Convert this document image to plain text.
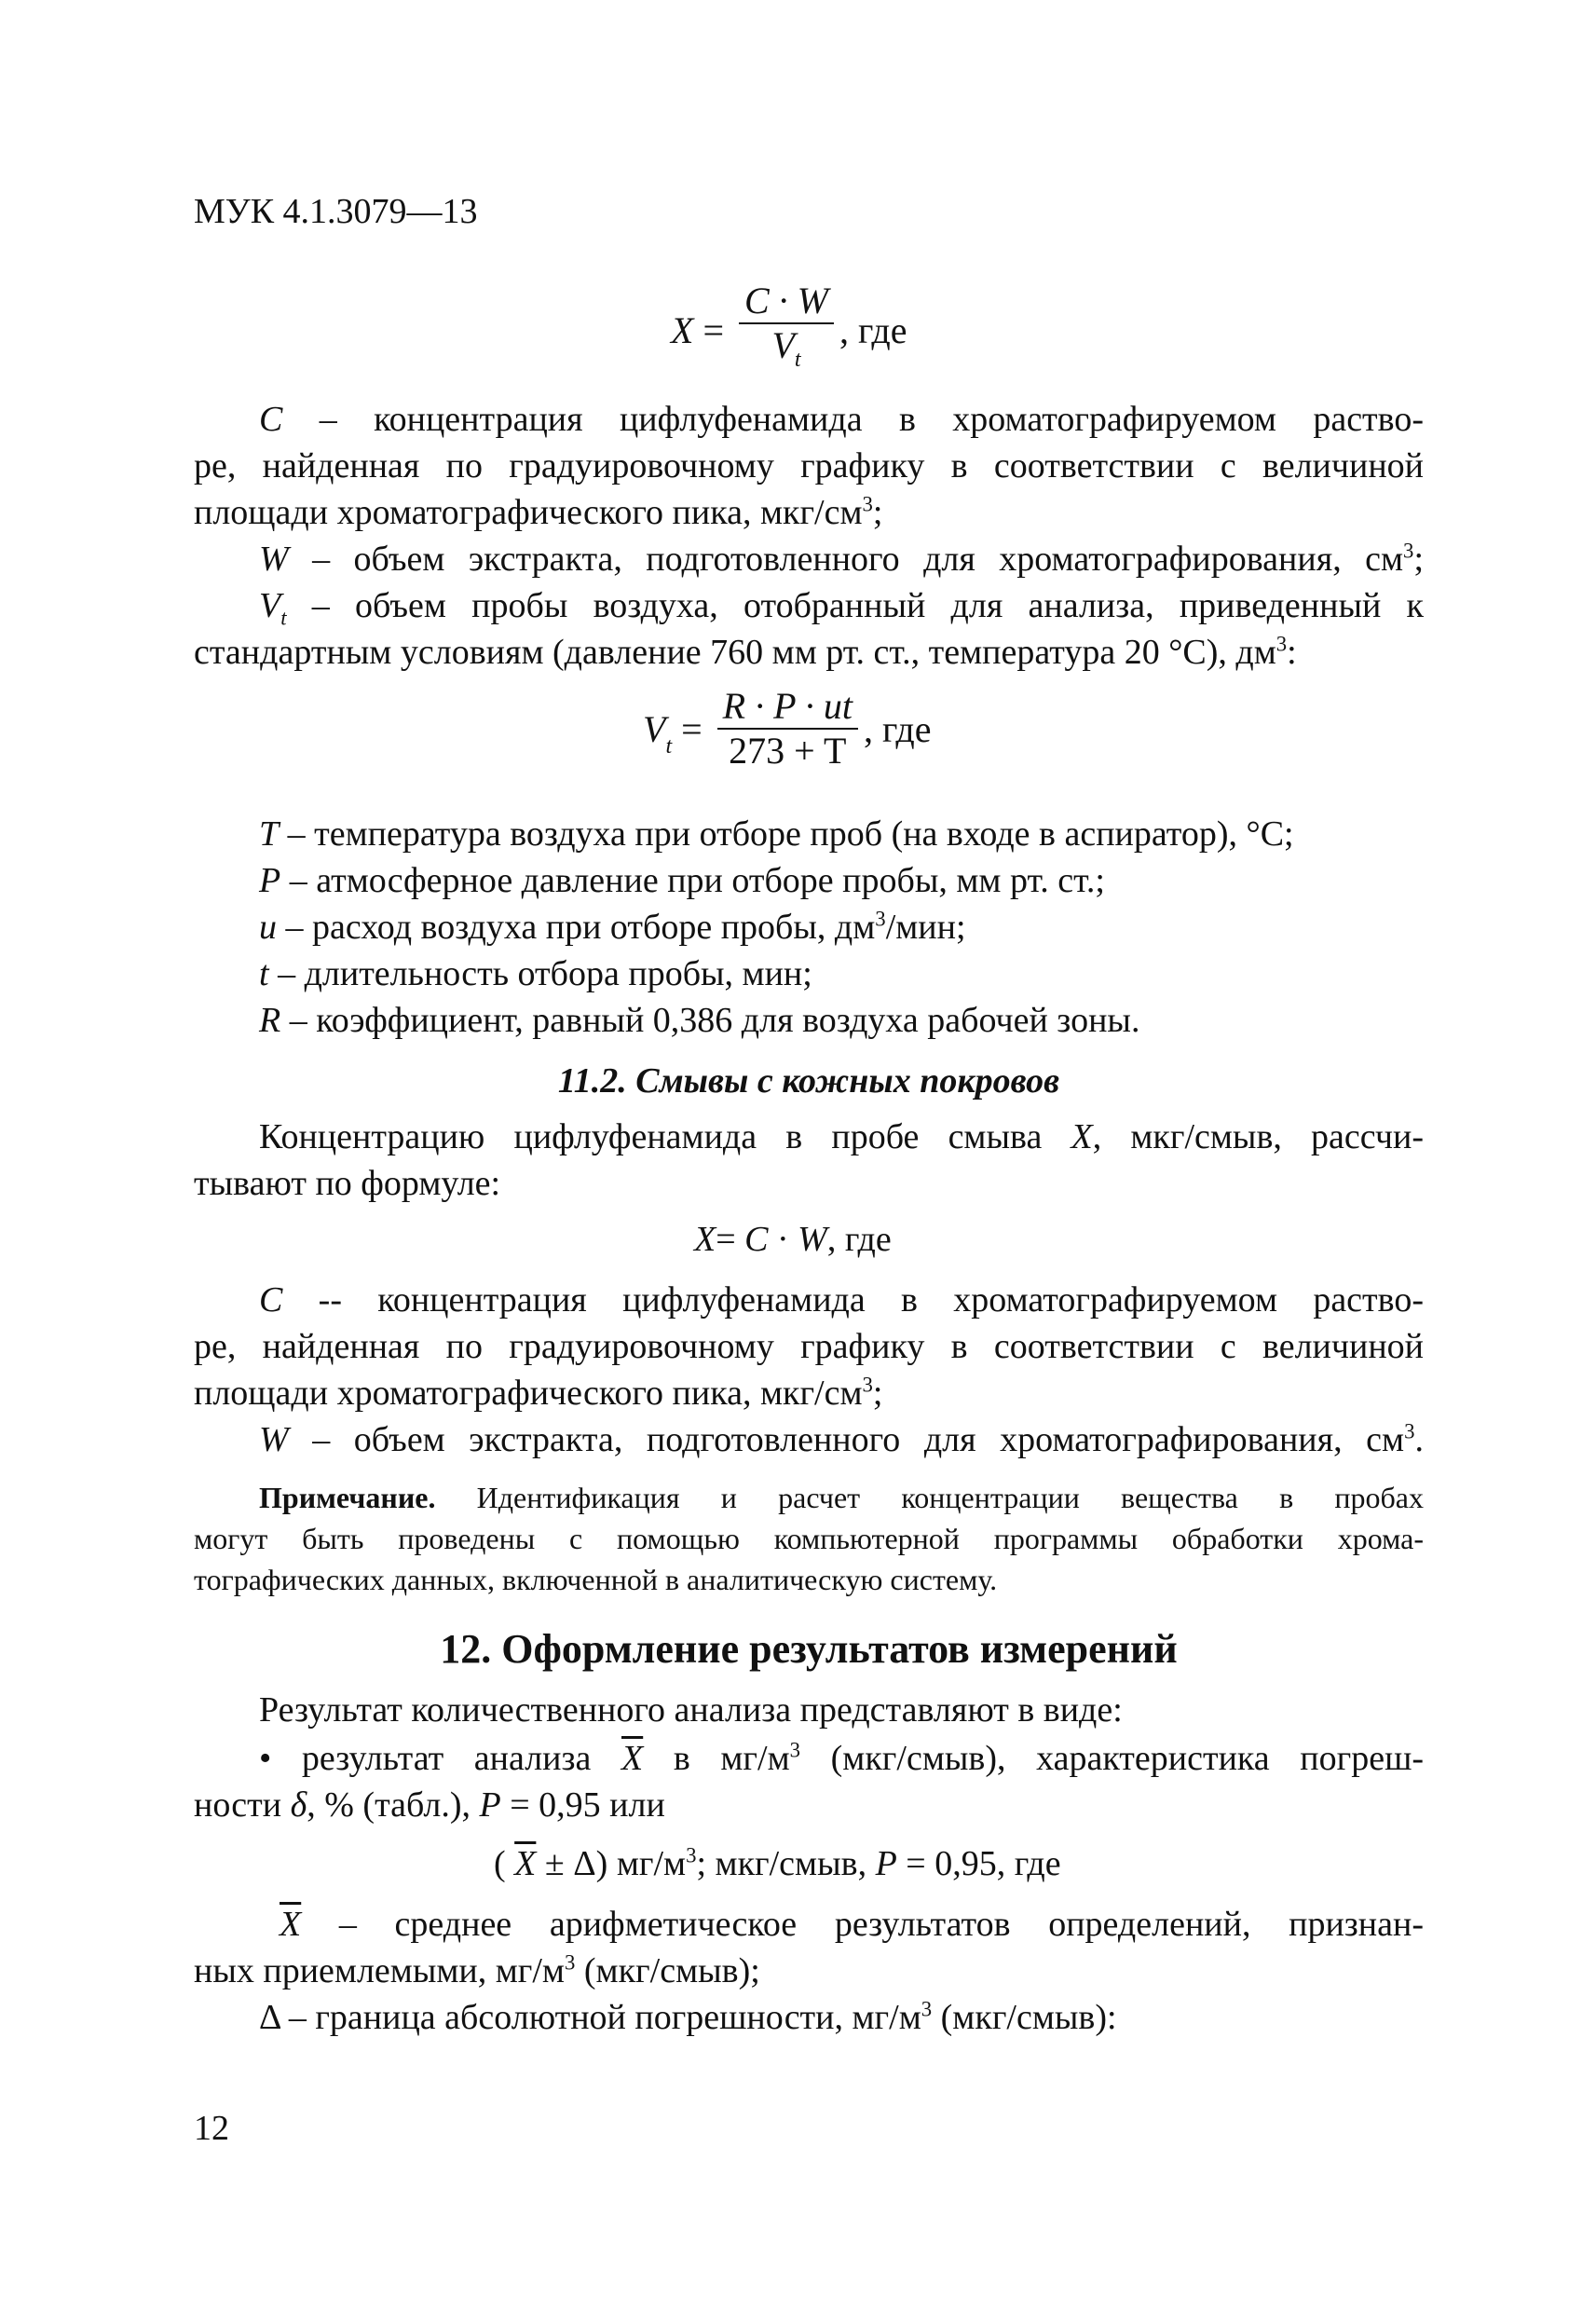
МУК 4.1.3079—13
$X = \frac{C \cdot W}{V_t}$ , где
C – концентрация цифлуфенамида в хроматографируемом раство-
ре, найденная по градуировочному графику в соответствии с величиной
площади хроматографического пика, мкг/$см^3$;
W – объем экстракта, подготовленного для хроматографирования, $см^3$;
$V_t$ – объем пробы воздуха, отобранный для анализа, приведенный к
стандартным условиям (давление 760 мм рт. ст., температура 20 °С), $дм^3$:
V $_t = \frac{R \cdot P \cdot ut}{273 + T}$ , где
T – температура воздуха при отборе проб (на входе в аспиратор), °С;
P – атмосферное давление при отборе пробы, мм рт. ст.;
u – расход воздуха при отборе пробы, $дм^3$/мин;
t – длительность отбора пробы, мин;
R – коэффициент, равный 0,386 для воздуха рабочей зоны.
11.2. Смывы с кожных покровов
Концентрацию цифлуфенамида в пробе смыва X, мкг/смыв, рассчи-
тывают по формуле:
X= C · W, где
C -- концентрация цифлуфенамида в хроматографируемом раство-
ре, найденная по градуировочному графику в соответствии с величиной
площади хроматографического пика, мкг/$см^3$;
W – объем экстракта, подготовленного для хроматографирования, $см^3$.
Примечание. Идентификация и расчет концентрации вещества в пробах
могут быть проведены с помощью компьютерной программы обработки хрома-
тографических данных, включенной в аналитическую систему.
12. Оформление результатов измерений
Результат количественного анализа представляют в виде:
• результат анализа $\overline{X}$ в $мг/м^3$ (мкг/смыв), характеристика погреш-
ности δ, % (табл.), P = 0,95 или
( $\overline{X} \pm \Delta$) $мг/м^3$; мкг/смыв, P = 0,95, где
$\overline{X}$ – среднее арифметическое результатов определений, признан-
ных приемлемыми, $мг/м^3$ (мкг/смыв);
Δ – граница абсолютной погрешности, $мг/м^3$ (мкг/смыв):
12
